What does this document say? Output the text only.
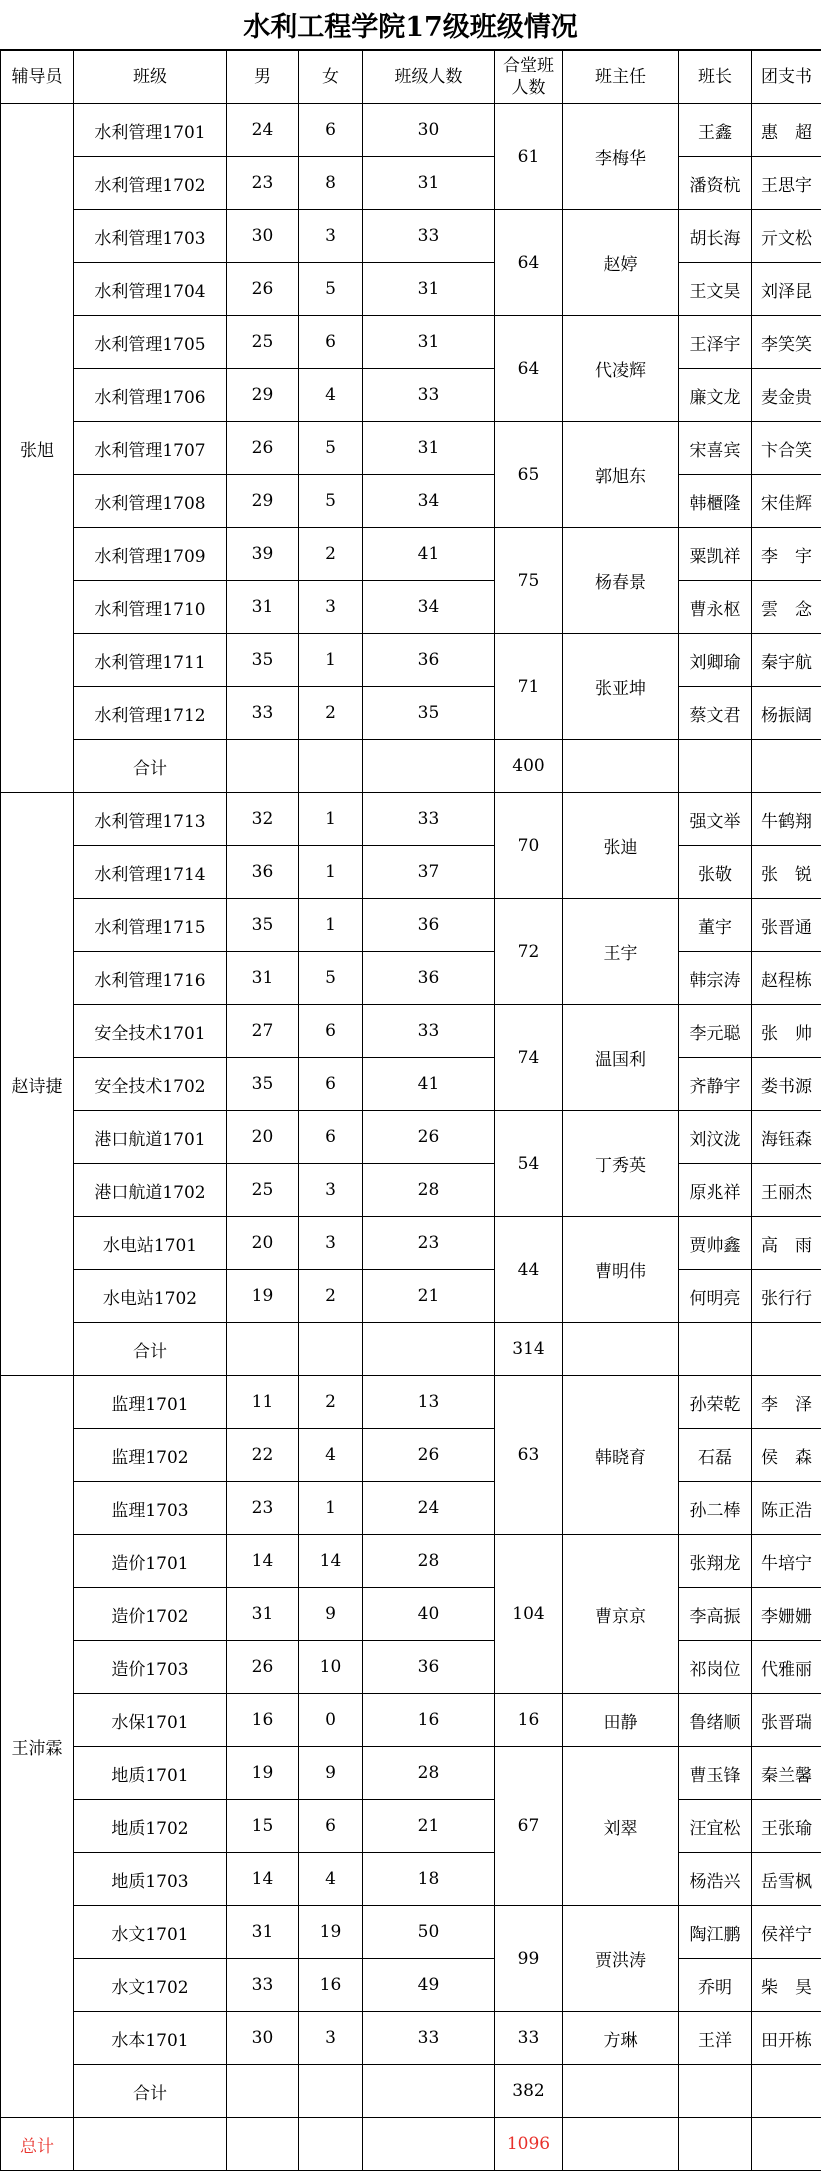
水利工程学院17级班级情况
辅导员	班级	男	女	班级人数	合堂班人数	班主任	班长	团支书
张旭	水利管理1701	24	6	30	61	李梅华	王鑫	惠　超
	水利管理1702	23	8	31			潘资杭	王思宇
	水利管理1703	30	3	33	64	赵婷	胡长海	亓文松
	水利管理1704	26	5	31			王文昊	刘泽昆
	水利管理1705	25	6	31	64	代凌辉	王泽宇	李笑笑
	水利管理1706	29	4	33			廉文龙	麦金贵
	水利管理1707	26	5	31	65	郭旭东	宋喜宾	卞合笑
	水利管理1708	29	5	34			韩櫃隆	宋佳辉
	水利管理1709	39	2	41	75	杨春景	粟凯祥	李　宇
	水利管理1710	31	3	34			曹永枢	雲　念
	水利管理1711	35	1	36	71	张亚坤	刘卿瑜	秦宇航
	水利管理1712	33	2	35			蔡文君	杨振阔
	合计				400			
赵诗捷	水利管理1713	32	1	33	70	张迪	强文举	牛鹤翔
	水利管理1714	36	1	37			张敬	张　锐
	水利管理1715	35	1	36	72	王宇	董宇	张晋通
	水利管理1716	31	5	36			韩宗涛	赵程栋
	安全技术1701	27	6	33	74	温国利	李元聪	张　帅
	安全技术1702	35	6	41			齐静宇	娄书源
	港口航道1701	20	6	26	54	丁秀英	刘汶泷	海钰森
	港口航道1702	25	3	28			原兆祥	王丽杰
	水电站1701	20	3	23	44	曹明伟	贾帅鑫	高　雨
	水电站1702	19	2	21			何明亮	张行行
	合计				314			
王沛霖	监理1701	11	2	13	63	韩晓育	孙荣乾	李　泽
	监理1702	22	4	26			石磊	侯　森
	监理1703	23	1	24			孙二棒	陈正浩
	造价1701	14	14	28	104	曹京京	张翔龙	牛培宁
	造价1702	31	9	40			李高振	李姗姗
	造价1703	26	10	36			祁岗位	代雅丽
	水保1701	16	0	16	16	田静	鲁绪顺	张晋瑞
	地质1701	19	9	28	67	刘翠	曹玉锋	秦兰馨
	地质1702	15	6	21			汪宜松	王张瑜
	地质1703	14	4	18			杨浩兴	岳雪枫
	水文1701	31	19	50	99	贾洪涛	陶江鹏	侯祥宁
	水文1702	33	16	49			乔明	柴　昊
	水本1701	30	3	33	33	方琳	王洋	田开栋
	合计				382			
总计					1096			
